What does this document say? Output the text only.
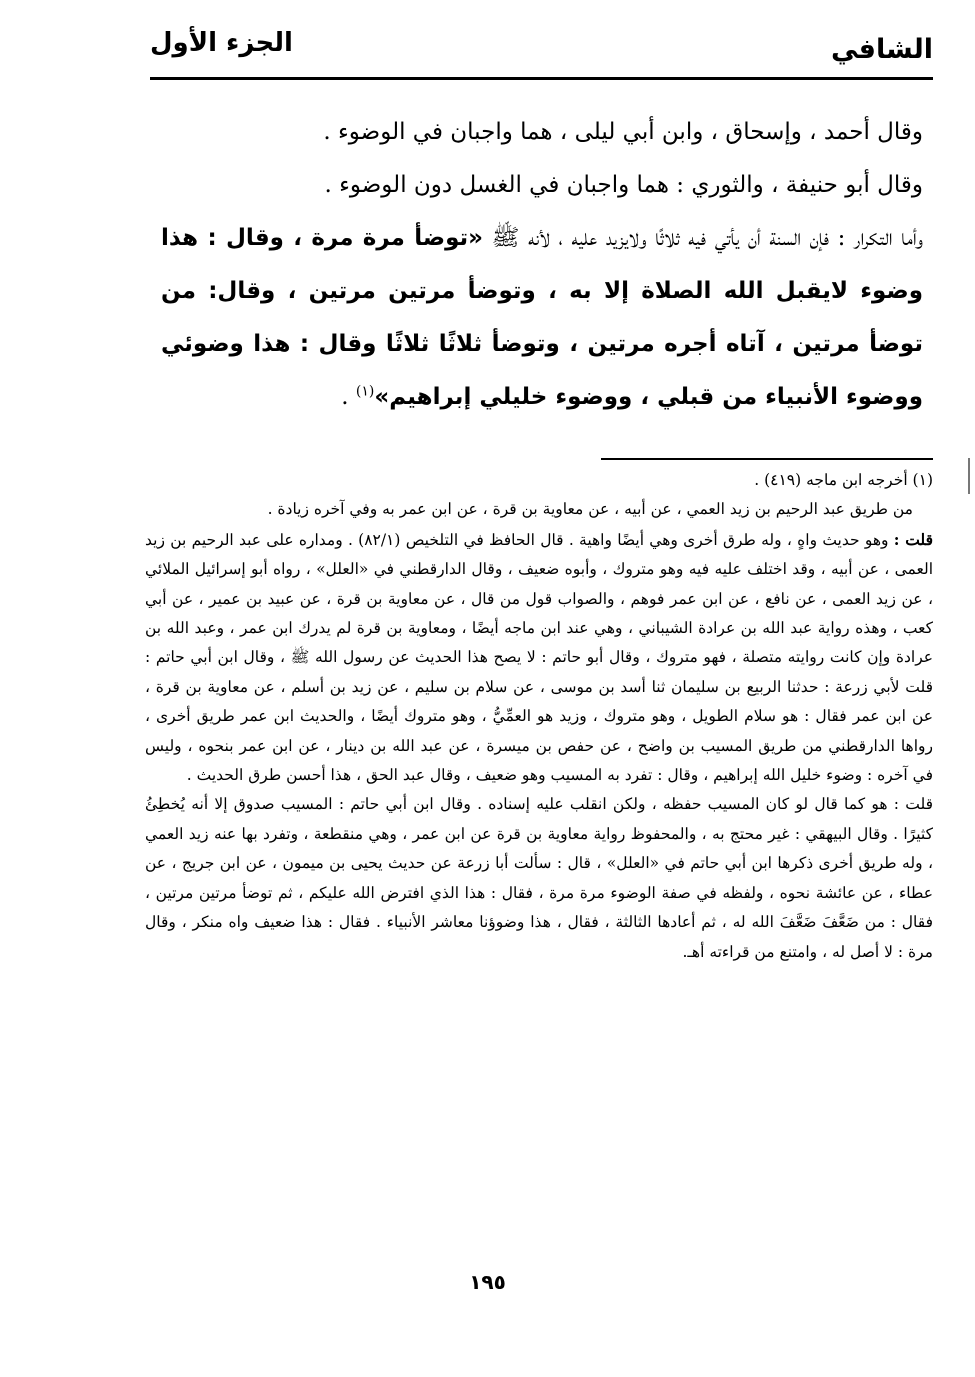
الشافي
الجزء الأول

وقال أحمد ، وإسحاق ، وابن أبي ليلى ، هما واجبان في الوضوء .

وقال أبو حنيفة ، والثوري : هما واجبان في الغسل دون الوضوء .

وأما التكرار : فإن السنة أن يأتي فيه ثلاثًا ولايزيد عليه ، لأنه ﷺ «توضأ مرة مرة ، وقال : هذا وضوء لايقبل الله الصلاة إلا به ، وتوضأ مرتين مرتين ، وقال: من توضأ مرتين ، آتاه أجره مرتين ، وتوضأ ثلاثًا ثلاثًا وقال : هذا وضوئي ووضوء الأنبياء من قبلي ، ووضوء خليلي إبراهيم»$^{(١)}$ .

(١) أخرجه ابن ماجه (٤١٩) .

من طريق عبد الرحيم بن زيد العمي ، عن أبيه ، عن معاوية بن قرة ، عن ابن عمر به وفي آخره زيادة .

قلت : وهو حديث واهٍ ، وله طرق أخرى وهي أيضًا واهية . قال الحافظ في التلخيص (٨٢/١) . ومداره على عبد الرحيم بن زيد العمى ، عن أبيه ، وقد اختلف عليه فيه وهو متروك ، وأبوه ضعيف ، وقال الدارقطني في «العلل» ، رواه أبو إسرائيل الملائي ، عن زيد العمى ، عن نافع ، عن ابن عمر فوهم ، والصواب قول من قال ، عن معاوية بن قرة ، عن عبيد بن عمير ، عن أبي كعب ، وهذه رواية عبد الله بن عرادة الشيباني ، وهي عند ابن ماجه أيضًا ، ومعاوية بن قرة لم يدرك ابن عمر ، وعبد الله بن عرادة وإن كانت روايته متصلة ، فهو متروك ، وقال أبو حاتم : لا يصح هذا الحديث عن رسول الله ﷺ ، وقال ابن أبي حاتم : قلت لأبي زرعة : حدثنا الربيع بن سليمان ثنا أسد بن موسى ، عن سلام بن سليم ، عن زيد بن أسلم ، عن معاوية بن قرة ، عن ابن عمر فقال : هو سلام الطويل ، وهو متروك ، وزيد هو العمِّيُّ ، وهو متروك أيضًا ، والحديث ابن عمر طريق أخرى ، رواها الدارقطني من طريق المسيب بن واضح ، عن حفص بن ميسرة ، عن عبد الله بن دينار ، عن ابن عمر بنحوه ، وليس في آخره : وضوء خليل الله إبراهيم ، وقال : تفرد به المسيب وهو ضعيف ، وقال عبد الحق ، هذا أحسن طرق الحديث .

قلت : هو كما قال لو كان المسيب حفظه ، ولكن انقلب عليه إسناده . وقال ابن أبي حاتم : المسيب صدوق إلا أنه يُخطِئُ كثيرًا . وقال البيهقي : غير محتج به ، والمحفوظ رواية معاوية بن قرة عن ابن عمر ، وهي منقطعة ، وتفرد بها عنه زيد العمي ، وله طريق أخرى ذكرها ابن أبي حاتم في «العلل» ، قال : سألت أبا زرعة عن حديث يحيى بن ميمون ، عن ابن جريج ، عن عطاء ، عن عائشة نحوه ، ولفظه في صفة الوضوء مرة مرة ، فقال : هذا الذي افترض الله عليكم ، ثم توضأ مرتين مرتين ، فقال : من ضَعَّفَ ضَعَّفَ الله له ، ثم أعادها الثالثة ، فقال ، هذا وضوؤنا معاشر الأنبياء . فقال : هذا ضعيف واه منكر ، وقال مرة : لا أصل له ، وامتنع من قراءته أهـ.

١٩٥
